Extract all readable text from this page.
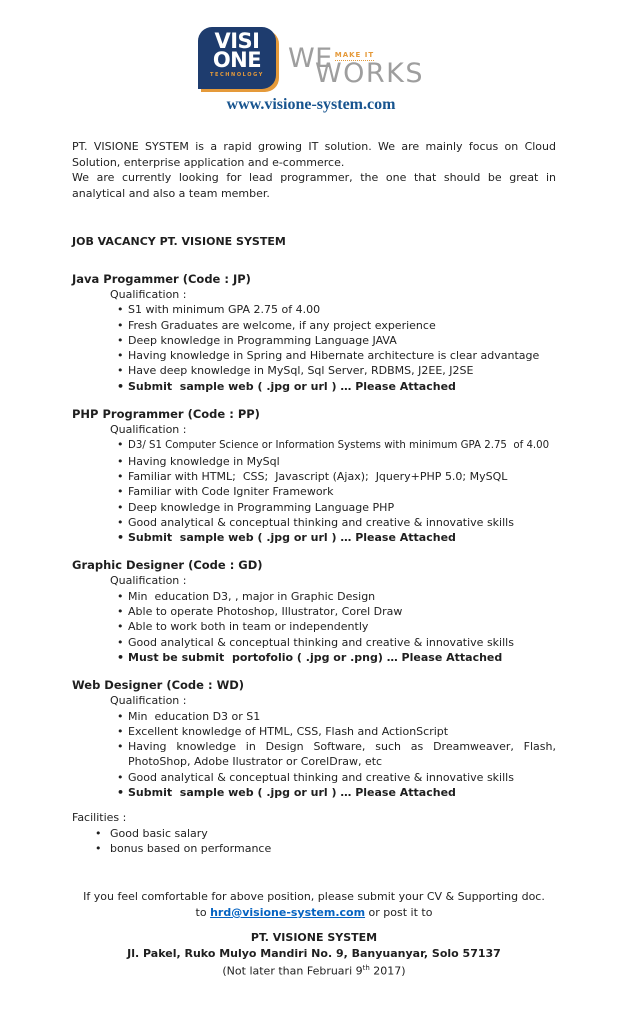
VISI
ONE
TECHNOLOGY
WE MAKE IT
WORKS
www.visione-system.com

PT. VISIONE SYSTEM is a rapid growing IT solution. We are mainly focus on Cloud Solution, enterprise application and e-commerce.

We are currently looking for lead programmer, the one that should be great in analytical and also a team member.

JOB VACANCY PT. VISIONE SYSTEM
Java Progammer (Code : JP)
Qualification :
• S1 with minimum GPA 2.75 of 4.00
• Fresh Graduates are welcome, if any project experience
• Deep knowledge in Programming Language JAVA
• Having knowledge in Spring and Hibernate architecture is clear advantage
• Have deep knowledge in MySql, Sql Server, RDBMS, J2EE, J2SE
• Submit  sample web ( .jpg or url ) … Please Attached
PHP Programmer (Code : PP)
Qualification :
• D3/ S1 Computer Science or Information Systems with minimum GPA 2.75  of 4.00
• Having knowledge in MySql
• Familiar with HTML;  CSS;  Javascript (Ajax);  Jquery+PHP 5.0; MySQL
• Familiar with Code Igniter Framework
• Deep knowledge in Programming Language PHP
• Good analytical & conceptual thinking and creative & innovative skills
• Submit  sample web ( .jpg or url ) … Please Attached
Graphic Designer (Code : GD)
Qualification :
• Min  education D3, , major in Graphic Design
• Able to operate Photoshop, Illustrator, Corel Draw
• Able to work both in team or independently
• Good analytical & conceptual thinking and creative & innovative skills
• Must be submit  portofolio ( .jpg or .png) … Please Attached
Web Designer (Code : WD)
Qualification :
• Min  education D3 or S1
• Excellent knowledge of HTML, CSS, Flash and ActionScript
• Having knowledge in Design Software, such as Dreamweaver, Flash, PhotoShop, Adobe Ilustrator or CorelDraw, etc
• Good analytical & conceptual thinking and creative & innovative skills
• Submit  sample web ( .jpg or url ) … Please Attached
Facilities :
• Good basic salary
• bonus based on performance

If you feel comfortable for above position, please submit your CV & Supporting doc.

to hrd@visione-system.com or post it to

PT. VISIONE SYSTEM

Jl. Pakel, Ruko Mulyo Mandiri No. 9, Banyuanyar, Solo 57137

(Not later than Februari 9th 2017)
